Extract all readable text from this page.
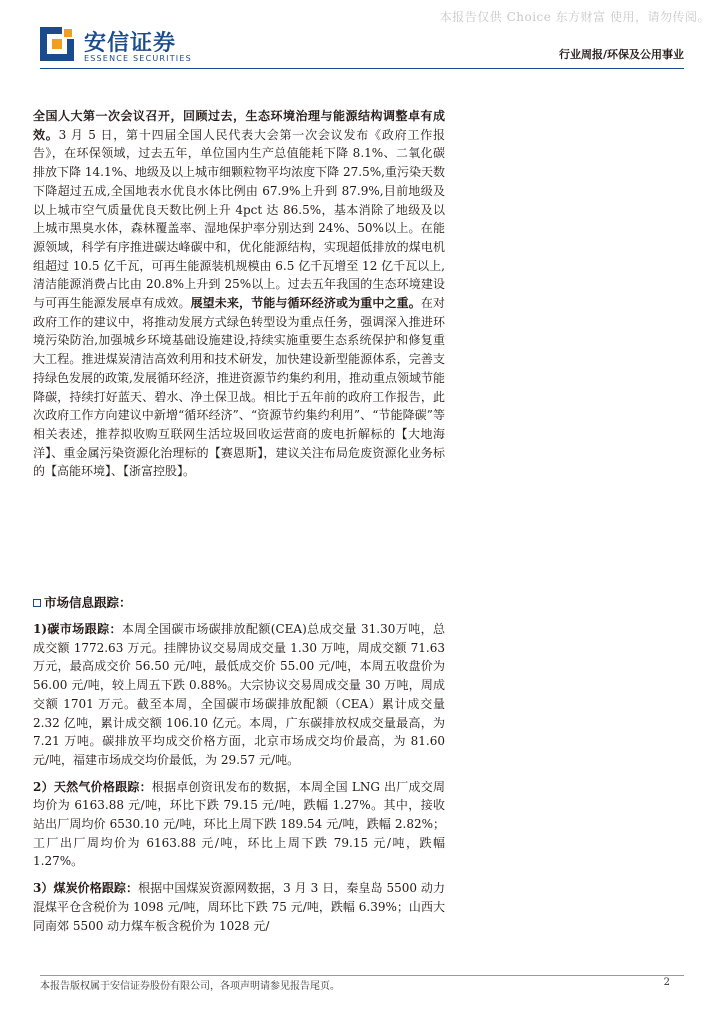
本报告仅供 Choice 东方财富 使用，请勿传阅。
安信证券
ESSENCE SECURITIES	行业周报/环保及公用事业

全国人大第一次会议召开，回顾过去，生态环境治理与能源结构调整卓有成效。3 月 5 日，第十四届全国人民代表大会第一次会议发布《政府工作报告》，在环保领域，过去五年，单位国内生产总值能耗下降 8.1%、二氧化碳排放下降 14.1%、地级及以上城市细颗粒物平均浓度下降 27.5%,重污染天数下降超过五成,全国地表水优良水体比例由 67.9%上升到 87.9%,目前地级及以上城市空气质量优良天数比例上升 4pct 达 86.5%，基本消除了地级及以上城市黑臭水体，森林覆盖率、湿地保护率分别达到 24%、50%以上。在能源领域，科学有序推进碳达峰碳中和，优化能源结构，实现超低排放的煤电机组超过 10.5 亿千瓦，可再生能源装机规模由 6.5 亿千瓦增至 12 亿千瓦以上,清洁能源消费占比由 20.8%上升到 25%以上。过去五年我国的生态环境建设与可再生能源发展卓有成效。展望未来，节能与循环经济或为重中之重。在对政府工作的建议中，将推动发展方式绿色转型设为重点任务，强调深入推进环境污染防治,加强城乡环境基础设施建设,持续实施重要生态系统保护和修复重大工程。推进煤炭清洁高效利用和技术研发，加快建设新型能源体系，完善支持绿色发展的政策,发展循环经济，推进资源节约集约利用，推动重点领域节能降碳，持续打好蓝天、碧水、净土保卫战。相比于五年前的政府工作报告，此次政府工作方向建议中新增“循环经济”、“资源节约集约利用”、“节能降碳”等相关表述，推荐拟收购互联网生活垃圾回收运营商的废电折解标的【大地海洋】、重金属污染资源化治理标的【赛恩斯】，建议关注布局危废资源化业务标的【高能环境】、【浙富控股】。

市场信息跟踪：

1)碳市场跟踪：本周全国碳市场碳排放配额(CEA)总成交量 31.30万吨，总成交额 1772.63 万元。挂牌协议交易周成交量 1.30 万吨，周成交额 71.63 万元，最高成交价 56.50 元/吨，最低成交价 55.00 元/吨，本周五收盘价为 56.00 元/吨，较上周五下跌 0.88%。大宗协议交易周成交量 30 万吨，周成交额 1701 万元。截至本周，全国碳市场碳排放配额（CEA）累计成交量 2.32 亿吨，累计成交额 106.10 亿元。本周，广东碳排放权成交量最高，为 7.21 万吨。碳排放平均成交价格方面，北京市场成交均价最高，为 81.60 元/吨，福建市场成交均价最低，为 29.57 元/吨。

2）天然气价格跟踪：根据卓创资讯发布的数据，本周全国 LNG 出厂成交周均价为 6163.88 元/吨，环比下跌 79.15 元/吨，跌幅 1.27%。其中，接收站出厂周均价 6530.10 元/吨，环比上周下跌 189.54 元/吨，跌幅 2.82%；工厂出厂周均价为 6163.88 元/吨，环比上周下跌 79.15 元/吨，跌幅 1.27%。

3）煤炭价格跟踪：根据中国煤炭资源网数据，3 月 3 日，秦皇岛 5500 动力混煤平仓含税价为 1098 元/吨，周环比下跌 75 元/吨，跌幅 6.39%；山西大同南郊 5500 动力煤车板含税价为 1028 元/

本报告版权属于安信证券股份有限公司，各项声明请参见报告尾页。	2
